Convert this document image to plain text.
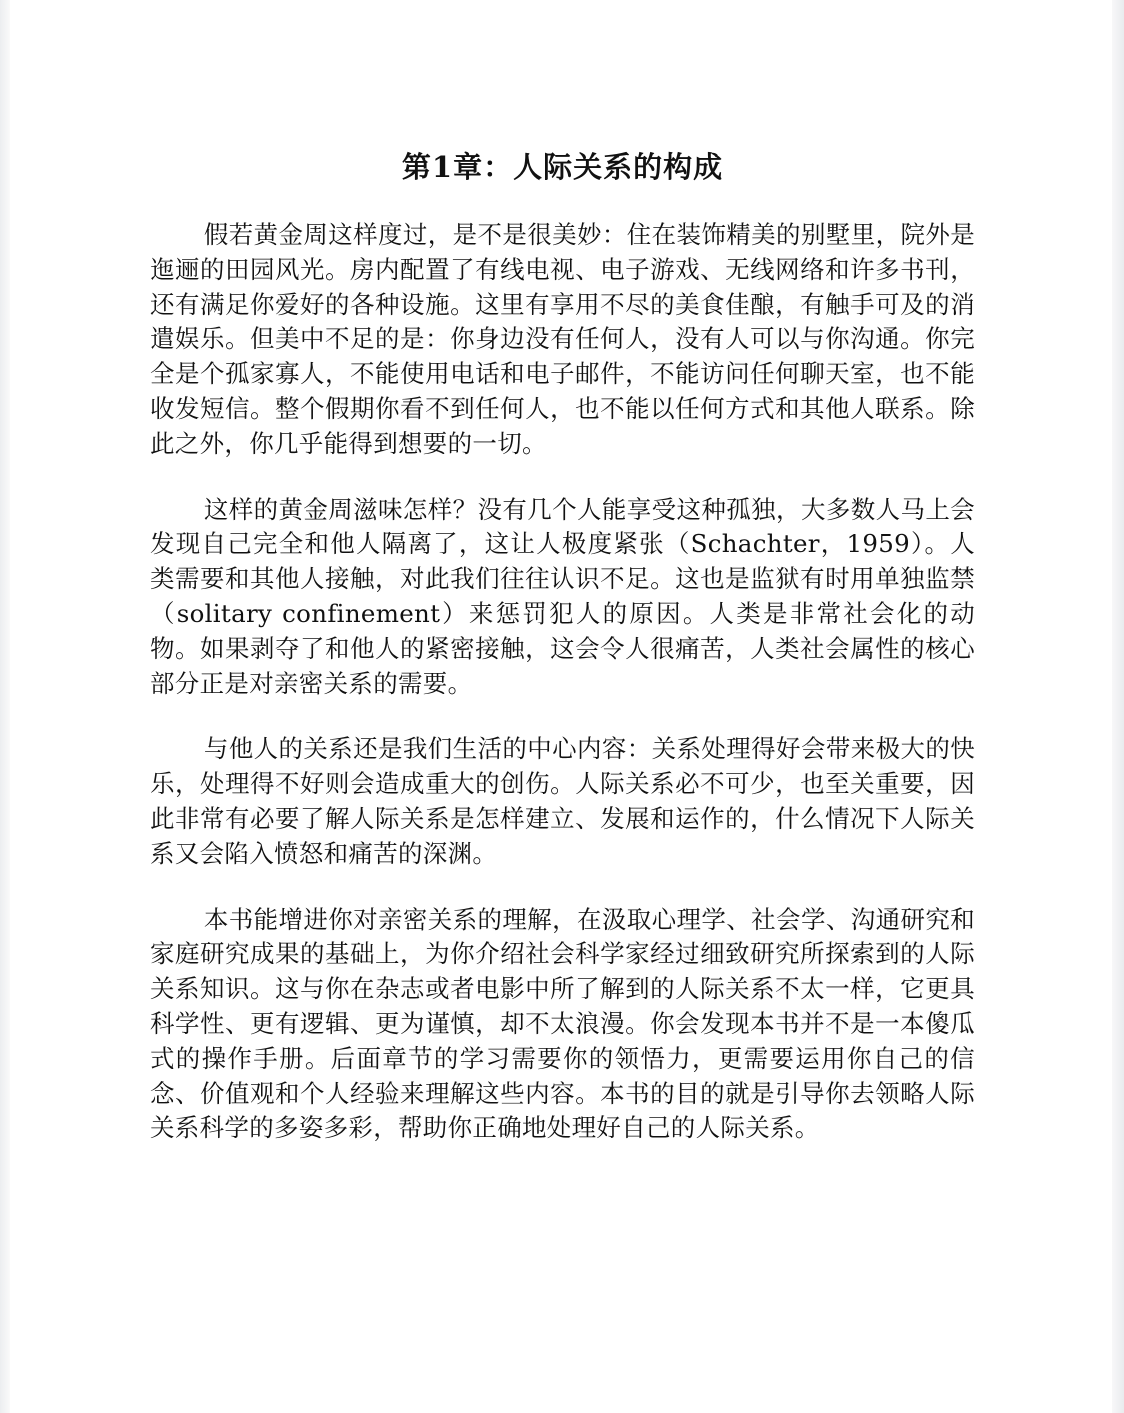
第1章：人际关系的构成

假若黄金周这样度过，是不是很美妙：住在装饰精美的别墅里，院外是迤逦的田园风光。房内配置了有线电视、电子游戏、无线网络和许多书刊，还有满足你爱好的各种设施。这里有享用不尽的美食佳酿，有触手可及的消遣娱乐。但美中不足的是：你身边没有任何人，没有人可以与你沟通。你完全是个孤家寡人，不能使用电话和电子邮件，不能访问任何聊天室，也不能收发短信。整个假期你看不到任何人，也不能以任何方式和其他人联系。除此之外，你几乎能得到想要的一切。

这样的黄金周滋味怎样？没有几个人能享受这种孤独，大多数人马上会发现自己完全和他人隔离了，这让人极度紧张（Schachter，1959）。人类需要和其他人接触，对此我们往往认识不足。这也是监狱有时用单独监禁（solitary confinement）来惩罚犯人的原因。人类是非常社会化的动物。如果剥夺了和他人的紧密接触，这会令人很痛苦，人类社会属性的核心部分正是对亲密关系的需要。

与他人的关系还是我们生活的中心内容：关系处理得好会带来极大的快乐，处理得不好则会造成重大的创伤。人际关系必不可少，也至关重要，因此非常有必要了解人际关系是怎样建立、发展和运作的，什么情况下人际关系又会陷入愤怒和痛苦的深渊。

本书能增进你对亲密关系的理解，在汲取心理学、社会学、沟通研究和家庭研究成果的基础上，为你介绍社会科学家经过细致研究所探索到的人际关系知识。这与你在杂志或者电影中所了解到的人际关系不太一样，它更具科学性、更有逻辑、更为谨慎，却不太浪漫。你会发现本书并不是一本傻瓜式的操作手册。后面章节的学习需要你的领悟力，更需要运用你自己的信念、价值观和个人经验来理解这些内容。本书的目的就是引导你去领略人际关系科学的多姿多彩，帮助你正确地处理好自己的人际关系。
